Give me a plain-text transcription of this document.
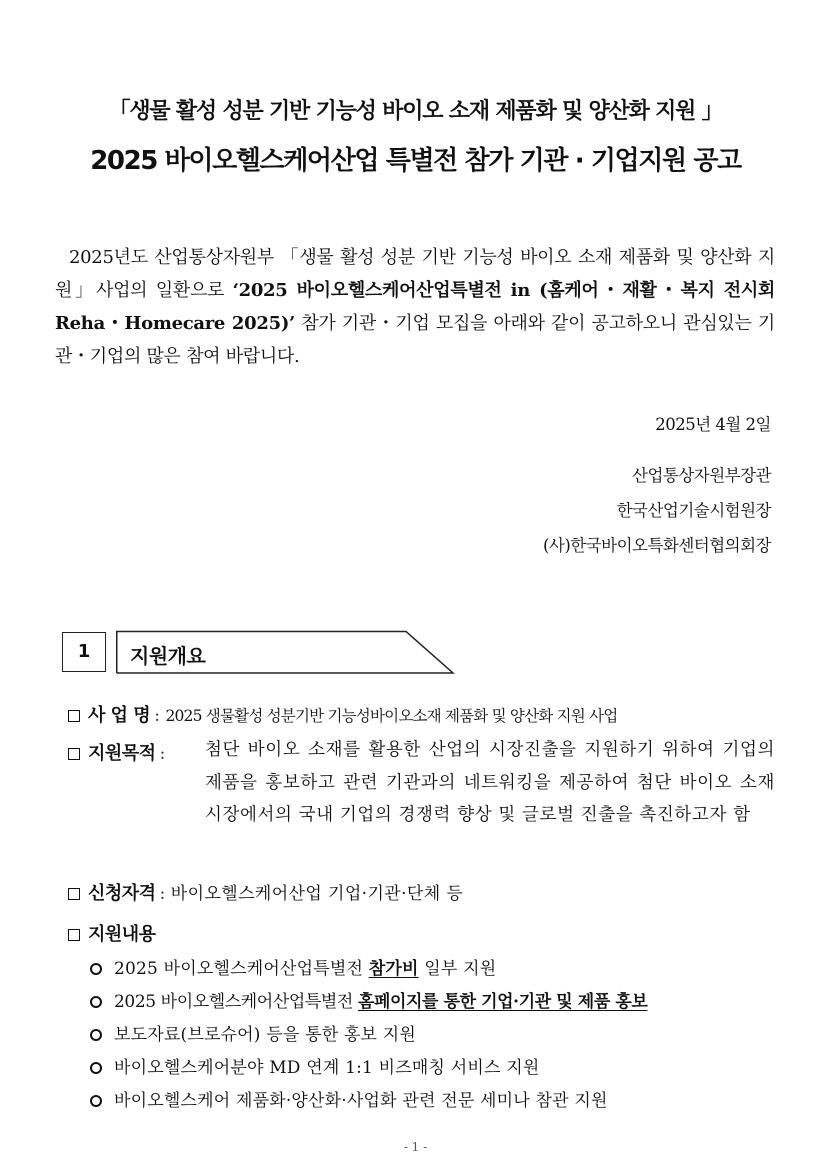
「생물 활성 성분 기반 기능성 바이오 소재 제품화 및 양산화 지원 」
2025 바이오헬스케어산업 특별전 참가 기관 · 기업지원 공고

2025년도 산업통상자원부 「생물 활성 성분 기반 기능성 바이오 소재 제품화 및 양산화 지원」사업의 일환으로 ‘2025 바이오헬스케어산업특별전 in (홈케어・재활・복지 전시회 Reha・Homecare 2025)’ 참가 기관・기업 모집을 아래와 같이 공고하오니 관심있는 기관・기업의 많은 참여 바랍니다.

2025년 4월 2일
산업통상자원부장관
한국산업기술시험원장
(사)한국바이오특화센터협의회장
1	지원개요
사 업 명 : 2025 생물활성 성분기반 기능성바이오소재 제품화 및 양산화 지원 사업
지원목적 :	첨단 바이오 소재를 활용한 산업의 시장진출을 지원하기 위하여 기업의 제품을 홍보하고 관련 기관과의 네트워킹을 제공하여 첨단 바이오 소재 시장에서의 국내 기업의 경쟁력 향상 및 글로벌 진출을 촉진하고자 함
신청자격 : 바이오헬스케어산업 기업·기관·단체 등
지원내용
2025 바이오헬스케어산업특별전 참가비 일부 지원
2025 바이오헬스케어산업특별전 홈페이지를 통한 기업·기관 및 제품 홍보
보도자료(브로슈어) 등을 통한 홍보 지원
바이오헬스케어분야 MD 연계 1:1 비즈매칭 서비스 지원
바이오헬스케어 제품화·양산화·사업화 관련 전문 세미나 참관 지원
- 1 -
